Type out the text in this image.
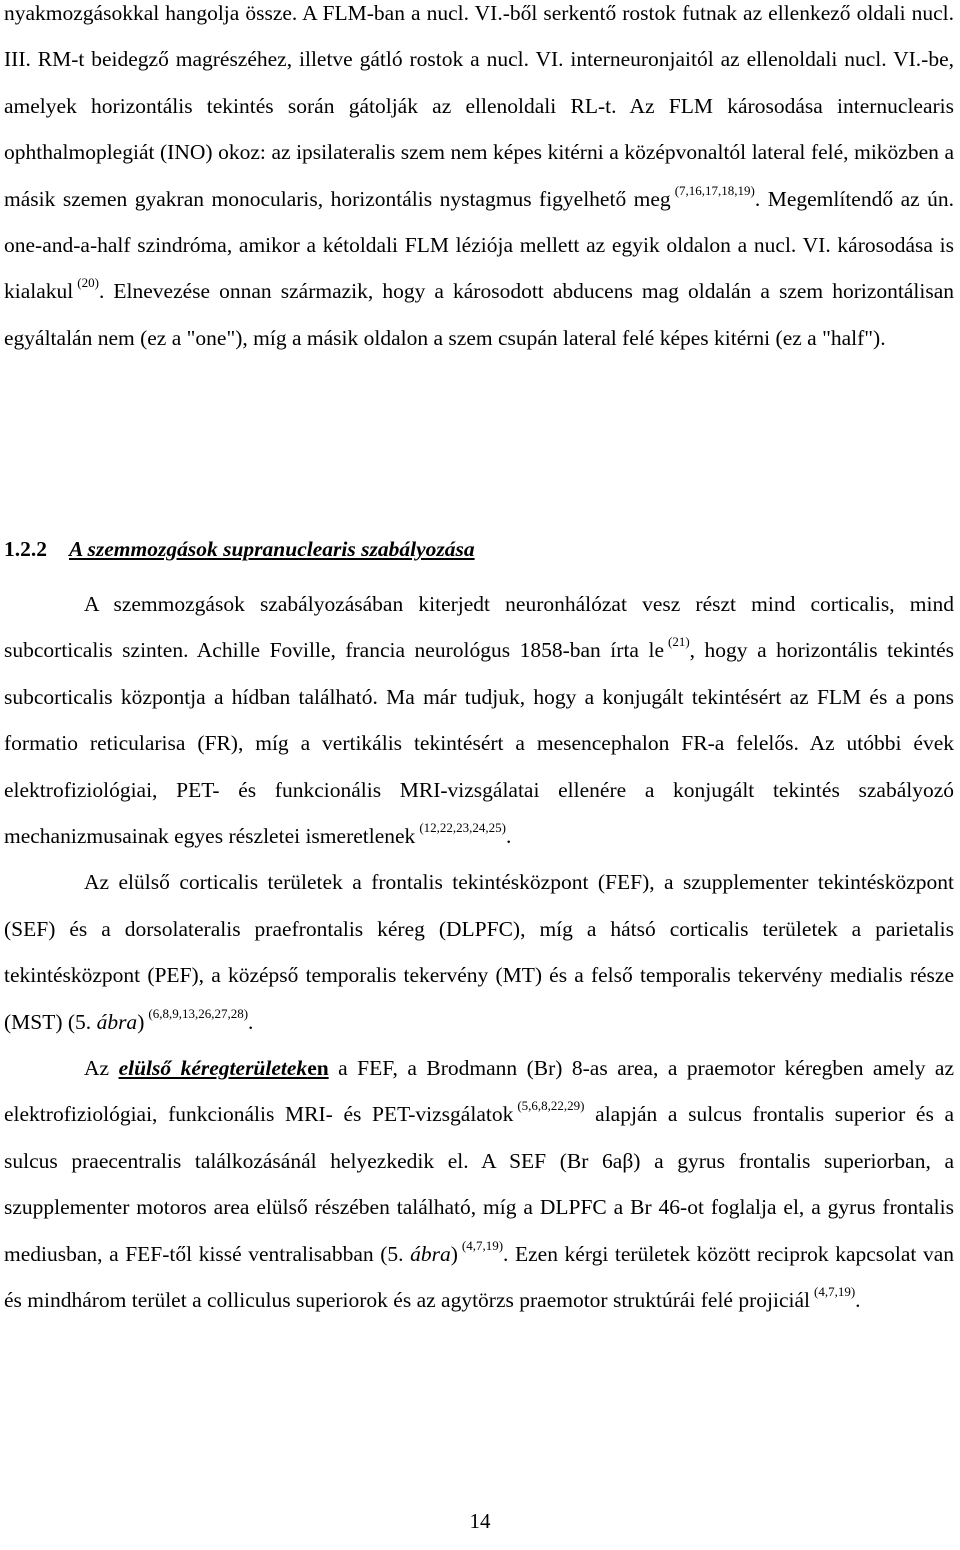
nyakmozgásokkal hangolja össze. A FLM-ban a nucl. VI.-ből serkentő rostok futnak az ellenkező oldali nucl. III. RM-t beidegző magrészéhez, illetve gátló rostok a nucl. VI. interneuronjaitól az ellenoldali nucl. VI.-be, amelyek horizontális tekintés során gátolják az ellenoldali RL-t. Az FLM károsodása internuclearis ophthalmoplegiát (INO) okoz: az ipsilateralis szem nem képes kitérni a középvonaltól lateral felé, miközben a másik szemen gyakran monocularis, horizontális nystagmus figyelhető meg $^{(7,16,17,18,19)}$. Megemlítendő az ún. one-and-a-half szindróma, amikor a kétoldali FLM léziója mellett az egyik oldalon a nucl. VI. károsodása is kialakul $^{(20)}$. Elnevezése onnan származik, hogy a károsodott abducens mag oldalán a szem horizontálisan egyáltalán nem (ez a "one"), míg a másik oldalon a szem csupán lateral felé képes kitérni (ez a "half").

1.2.2 A szemmozgások supranuclearis szabályozása

A szemmozgások szabályozásában kiterjedt neuronhálózat vesz részt mind corticalis, mind subcorticalis szinten. Achille Foville, francia neurológus 1858-ban írta le $^{(21)}$, hogy a horizontális tekintés subcorticalis központja a hídban található. Ma már tudjuk, hogy a konjugált tekintésért az FLM és a pons formatio reticularisa (FR), míg a vertikális tekintésért a mesencephalon FR-a felelős. Az utóbbi évek elektrofiziológiai, PET- és funkcionális MRI-vizsgálatai ellenére a konjugált tekintés szabályozó mechanizmusainak egyes részletei ismeretlenek $^{(12,22,23,24,25)}$.

Az elülső corticalis területek a frontalis tekintésközpont (FEF), a szupplementer tekintésközpont (SEF) és a dorsolateralis praefrontalis kéreg (DLPFC), míg a hátsó corticalis területek a parietalis tekintésközpont (PEF), a középső temporalis tekervény (MT) és a felső temporalis tekervény medialis része (MST) (5. ábra) $^{(6,8,9,13,26,27,28)}$.

Az elülső kéregterületeken a FEF, a Brodmann (Br) 8-as area, a praemotor kéregben amely az elektrofiziológiai, funkcionális MRI- és PET-vizsgálatok $^{(5,6,8,22,29)}$ alapján a sulcus frontalis superior és a sulcus praecentralis találkozásánál helyezkedik el. A SEF (Br 6aβ) a gyrus frontalis superiorban, a szupplementer motoros area elülső részében található, míg a DLPFC a Br 46-ot foglalja el, a gyrus frontalis mediusban, a FEF-től kissé ventralisabban (5. ábra) $^{(4,7,19)}$. Ezen kérgi területek között reciprok kapcsolat van és mindhárom terület a colliculus superiorok és az agytörzs praemotor struktúrái felé projiciál $^{(4,7,19)}$.

14
